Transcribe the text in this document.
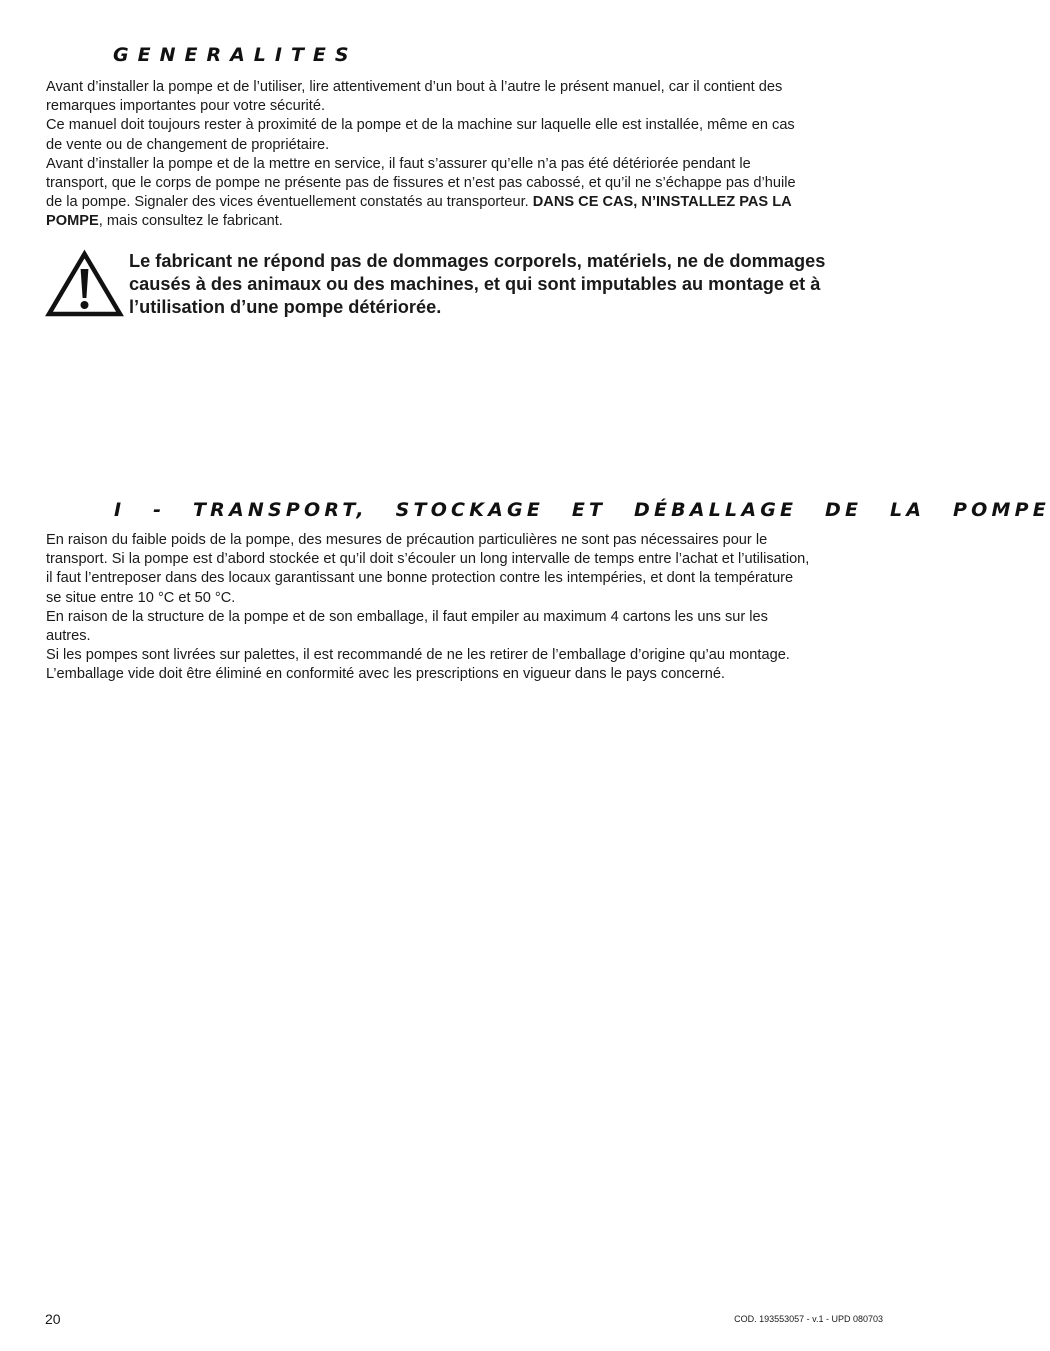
GENERALITES

Avant d’installer la pompe et de l’utiliser, lire attentivement d’un bout à l’autre le présent manuel, car il contient des
remarques importantes pour votre sécurité.
Ce manuel doit toujours rester à proximité de la pompe et de la machine sur laquelle elle est installée, même en cas
de vente ou de changement de propriétaire.
Avant d’installer la pompe et de la mettre en service, il faut s’assurer qu’elle n’a pas été détériorée pendant le
transport, que le corps de pompe ne présente pas de fissures et n’est pas cabossé, et qu’il ne s’échappe pas d’huile
de la pompe. Signaler des vices éventuellement constatés au transporteur. DANS CE CAS, N’INSTALLEZ PAS LA
POMPE, mais consultez le fabricant.

Le fabricant ne répond pas de dommages corporels, matériels, ne de dommages causés à des animaux ou des machines, et qui sont imputables au montage et à l’utilisation d’une pompe détériorée.

I - TRANSPORT, STOCKAGE ET DÉBALLAGE DE LA POMPE

En raison du faible poids de la pompe, des mesures de précaution particulières ne sont pas nécessaires pour le
transport. Si la pompe est d’abord stockée et qu’il doit s’écouler un long intervalle de temps entre l’achat et l’utilisation,
il faut l’entreposer dans des locaux garantissant une bonne protection contre les intempéries, et dont la température
se situe entre 10 °C et 50 °C.
En raison de la structure de la pompe et de son emballage, il faut empiler au maximum 4 cartons les uns sur les
autres.
Si les pompes sont livrées sur palettes, il est recommandé de ne les retirer de l’emballage d’origine qu’au montage.
L’emballage vide doit être éliminé en conformité avec les prescriptions en vigueur dans le pays concerné.

20	COD. 193553057 - v.1 - UPD 080703
